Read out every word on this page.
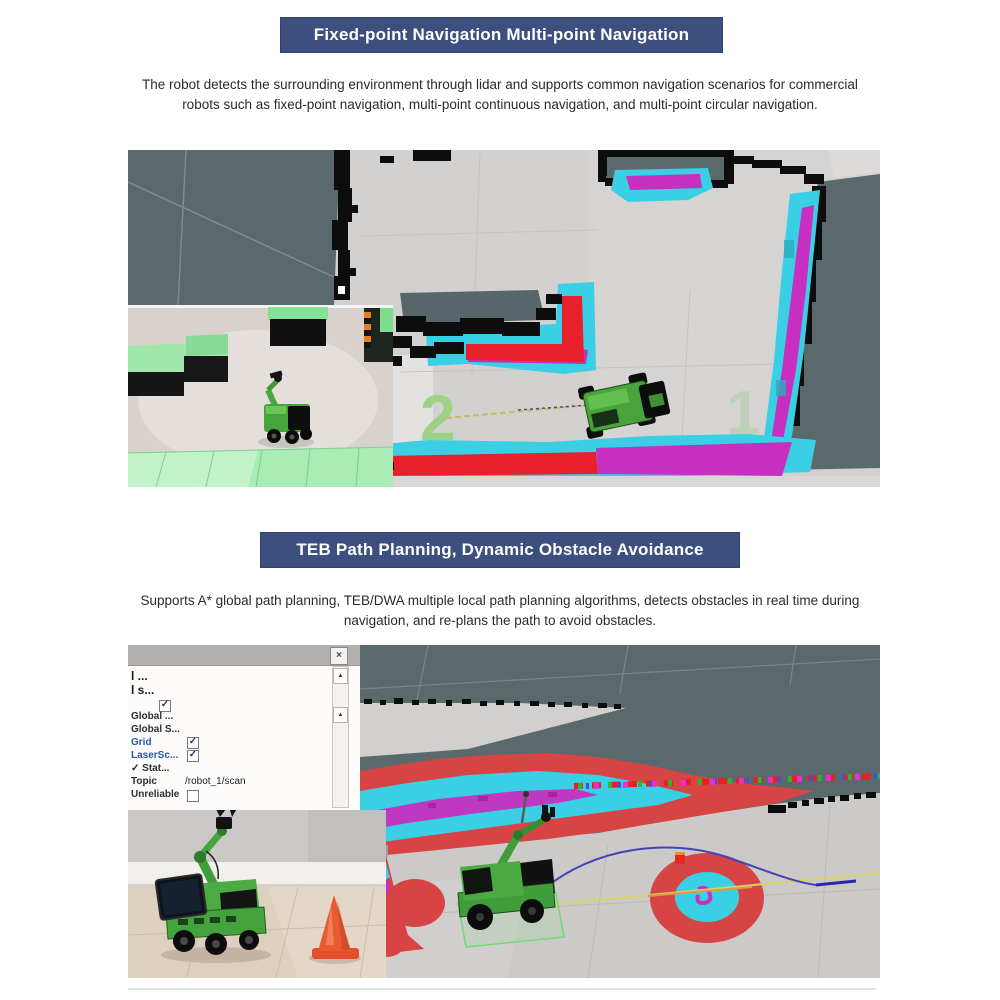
Fixed-point Navigation Multi-point Navigation

The robot detects the surrounding environment through lidar and supports common navigation scenarios for commercial robots such as fixed-point navigation, multi-point continuous navigation, and multi-point circular navigation.

2	1
TEB Path Planning, Dynamic Obstacle Avoidance

Supports A* global path planning, TEB/DWA multiple local path planning algorithms, detects obstacles in real time during navigation, and re-plans the path to avoid obstacles.

×
▲
▲
l ...
l s...
✓
Global ...
Global S...
Grid	✓
LaserSc... ✓
✓ Stat...
Topic	/robot_1/scan
Unreliable
